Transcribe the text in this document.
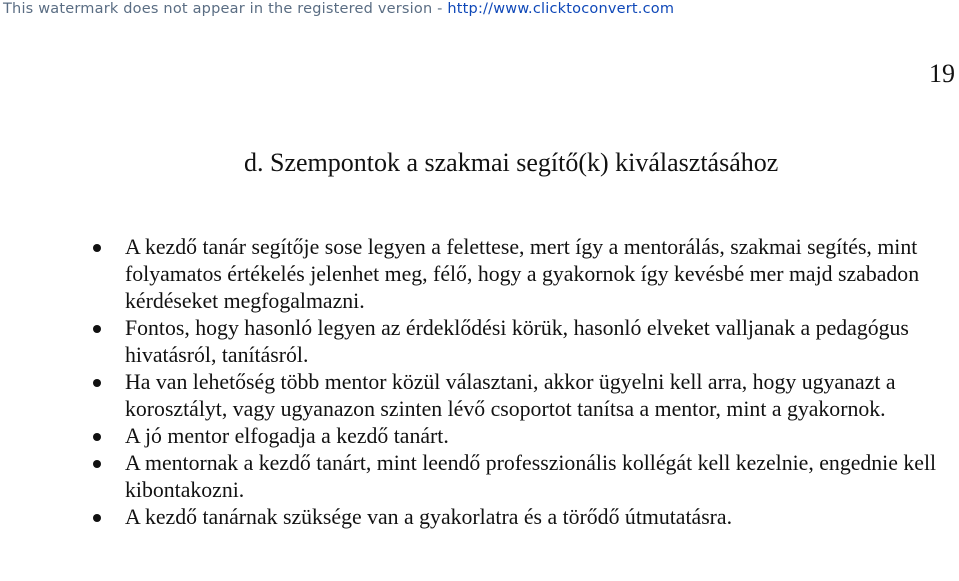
This watermark does not appear in the registered version - http://www.clicktoconvert.com
19
d. Szempontok a szakmai segítő(k) kiválasztásához
A kezdő tanár segítője sose legyen a felettese, mert így a mentorálás, szakmai segítés, mint folyamatos értékelés jelenhet meg, félő, hogy a gyakornok így kevésbé mer majd szabadon kérdéseket megfogalmazni.
Fontos, hogy hasonló legyen az érdeklődési körük, hasonló elveket valljanak a pedagógus hivatásról, tanításról.
Ha van lehetőség több mentor közül választani, akkor ügyelni kell arra, hogy ugyanazt a korosztályt, vagy ugyanazon szinten lévő csoportot tanítsa a mentor, mint a gyakornok.
A jó mentor elfogadja a kezdő tanárt.
A mentornak a kezdő tanárt, mint leendő professzionális kollégát kell kezelnie, engednie kell kibontakozni.
A kezdő tanárnak szüksége van a gyakorlatra és a törődő útmutatásra.
